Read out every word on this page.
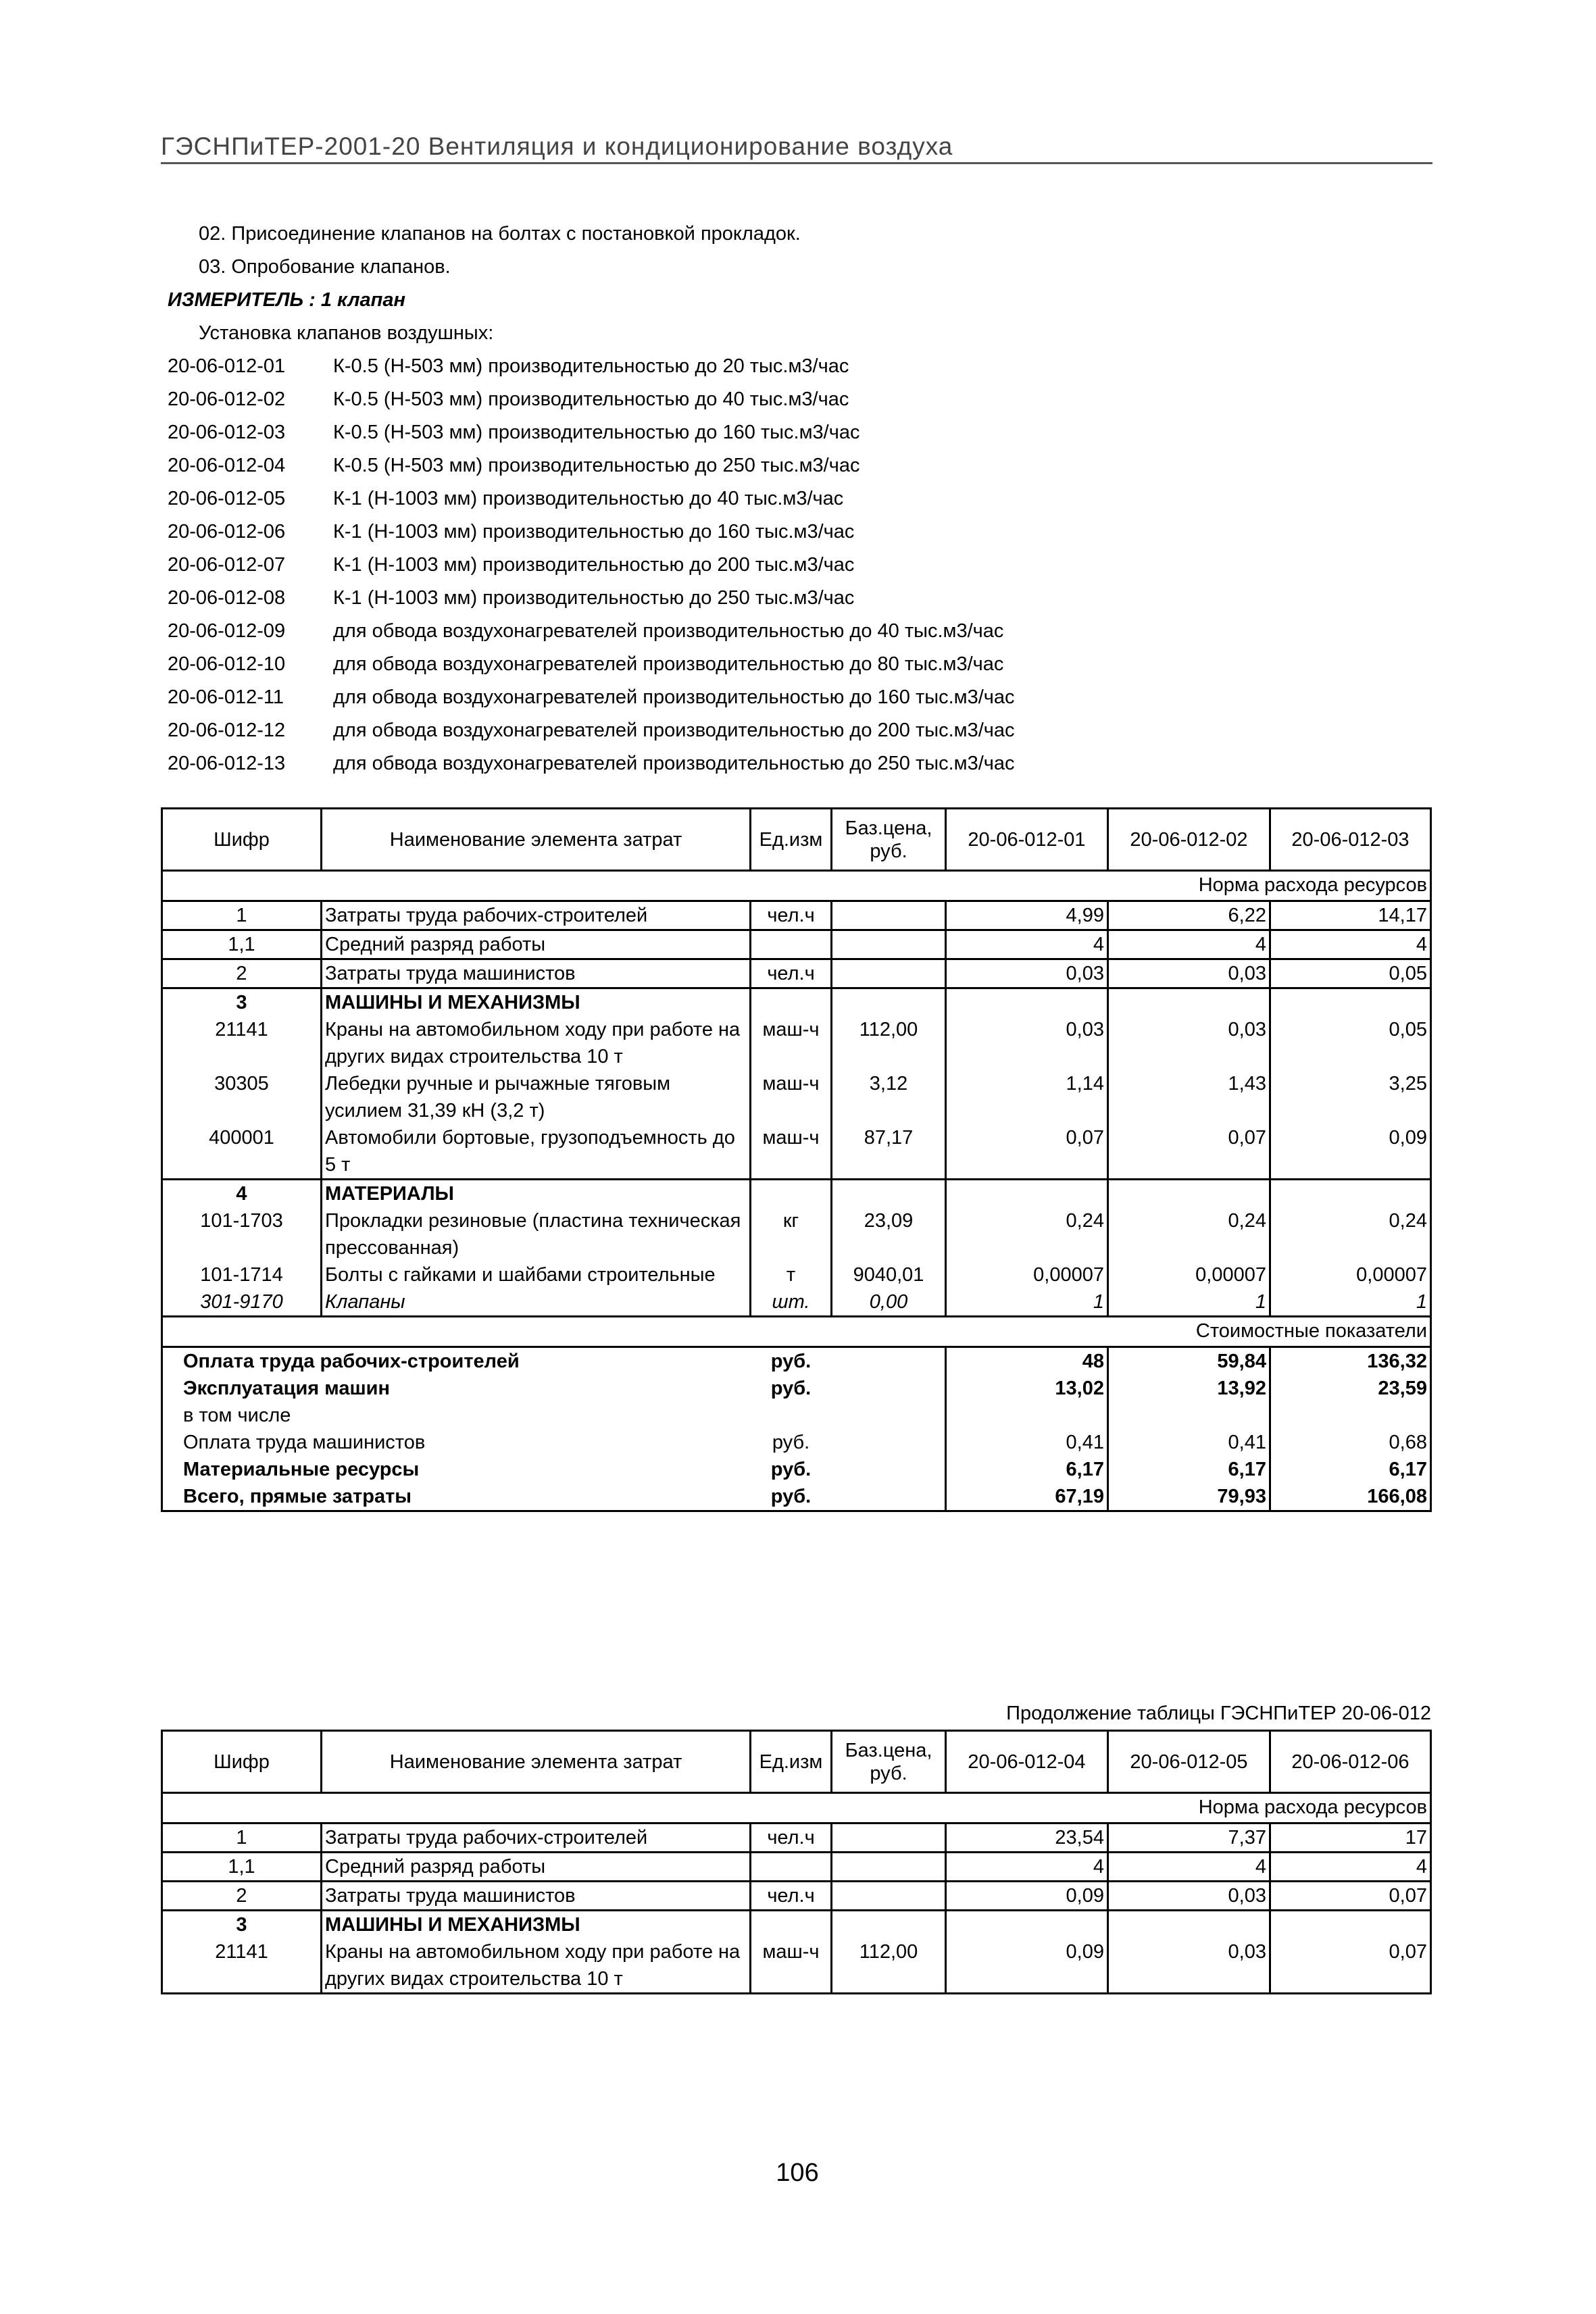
ГЭСНПиТЕР-2001-20 Вентиляция и кондиционирование воздуха
02. Присоединение клапанов на болтах с постановкой прокладок.
03. Опробование клапанов.
ИЗМЕРИТЕЛЬ : 1 клапан
Установка клапанов воздушных:
20-06-012-01	К-0.5 (Н-503 мм) производительностью до 20 тыс.м3/час
20-06-012-02	К-0.5 (Н-503 мм) производительностью до 40 тыс.м3/час
20-06-012-03	К-0.5 (Н-503 мм) производительностью до 160 тыс.м3/час
20-06-012-04	К-0.5 (Н-503 мм) производительностью до 250 тыс.м3/час
20-06-012-05	К-1 (Н-1003 мм) производительностью до 40 тыс.м3/час
20-06-012-06	К-1 (Н-1003 мм) производительностью до 160 тыс.м3/час
20-06-012-07	К-1 (Н-1003 мм) производительностью до 200 тыс.м3/час
20-06-012-08	К-1 (Н-1003 мм) производительностью до 250 тыс.м3/час
20-06-012-09	для обвода воздухонагревателей производительностью до 40 тыс.м3/час
20-06-012-10	для обвода воздухонагревателей производительностью до 80 тыс.м3/час
20-06-012-11	для обвода воздухонагревателей производительностью до 160 тыс.м3/час
20-06-012-12	для обвода воздухонагревателей производительностью до 200 тыс.м3/час
20-06-012-13	для обвода воздухонагревателей производительностью до 250 тыс.м3/час
Шифр	Наименование элемента затрат	Ед.изм	Баз.цена, руб.	20-06-012-01	20-06-012-02	20-06-012-03
Норма расхода ресурсов						
1	Затраты труда рабочих-строителей	чел.ч		4,99	6,22	14,17
1,1	Средний разряд работы			4	4	4
2	Затраты труда машинистов	чел.ч		0,03	0,03	0,05
3	МАШИНЫ И МЕХАНИЗМЫ					
21141	Краны на автомобильном ходу при работе на других видах строительства 10 т	маш-ч	112,00	0,03	0,03	0,05
30305	Лебедки ручные и рычажные тяговым усилием 31,39 кН (3,2 т)	маш-ч	3,12	1,14	1,43	3,25
400001	Автомобили бортовые, грузоподъемность до 5 т	маш-ч	87,17	0,07	0,07	0,09
4	МАТЕРИАЛЫ					
101-1703	Прокладки резиновые (пластина техническая прессованная)	кг	23,09	0,24	0,24	0,24
101-1714	Болты с гайками и шайбами строительные	т	9040,01	0,00007	0,00007	0,00007
301-9170	Клапаны	шт.	0,00	1	1	1
Стоимостные показатели						
Оплата труда рабочих-строителей		руб.		48	59,84	136,32
Эксплуатация машин		руб.		13,02	13,92	23,59
в том числе						
Оплата труда машинистов		руб.		0,41	0,41	0,68
Материальные ресурсы		руб.		6,17	6,17	6,17
Всего, прямые затраты		руб.		67,19	79,93	166,08
Продолжение таблицы ГЭСНПиТЕР 20-06-012
Шифр	Наименование элемента затрат	Ед.изм	Баз.цена, руб.	20-06-012-04	20-06-012-05	20-06-012-06
Норма расхода ресурсов						
1	Затраты труда рабочих-строителей	чел.ч		23,54	7,37	17
1,1	Средний разряд работы			4	4	4
2	Затраты труда машинистов	чел.ч		0,09	0,03	0,07
3	МАШИНЫ И МЕХАНИЗМЫ					
21141	Краны на автомобильном ходу при работе на других видах строительства 10 т	маш-ч	112,00	0,09	0,03	0,07
106
